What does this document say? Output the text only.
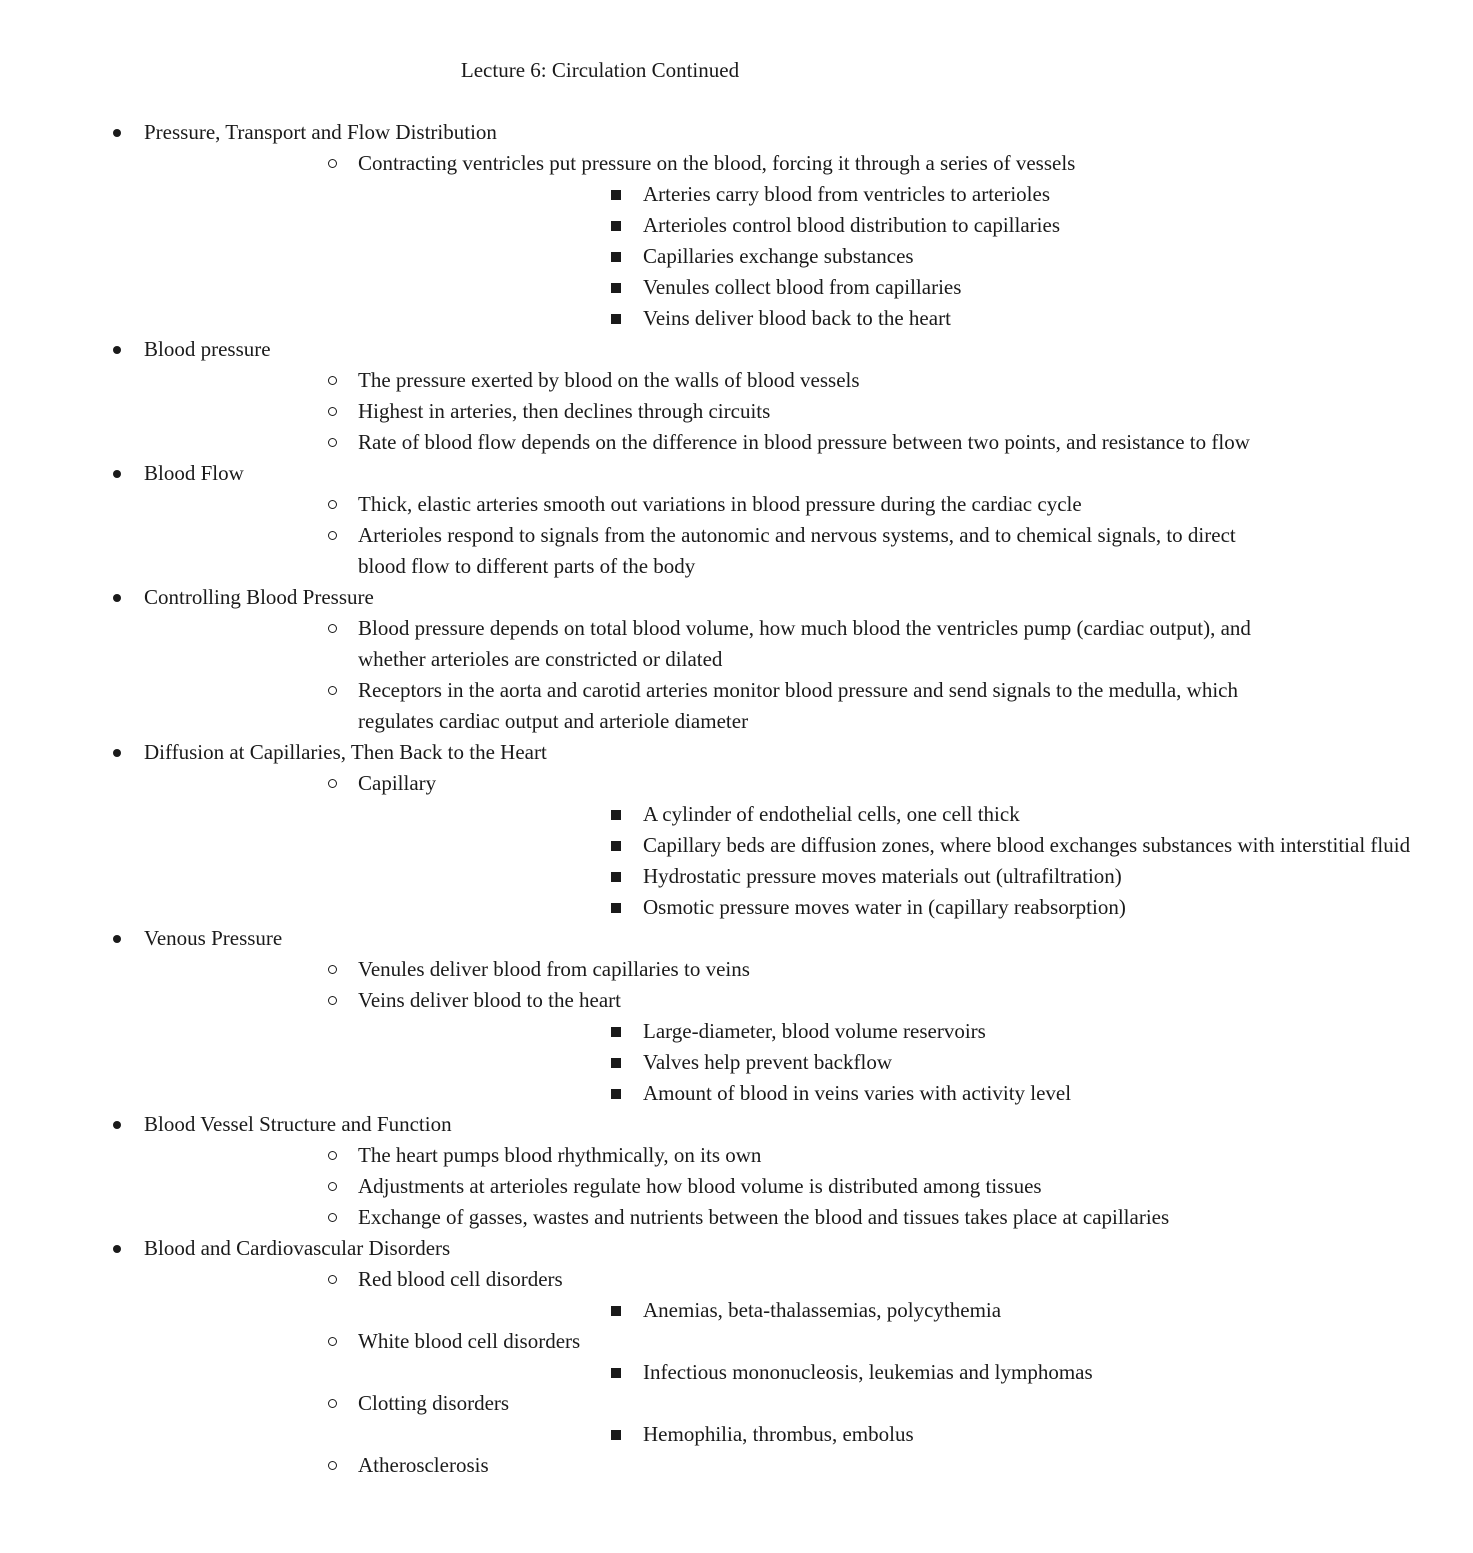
Lecture 6: Circulation Continued
Pressure, Transport and Flow Distribution
Contracting ventricles put pressure on the blood, forcing it through a series of vessels
Arteries carry blood from ventricles to arterioles
Arterioles control blood distribution to capillaries
Capillaries exchange substances
Venules collect blood from capillaries
Veins deliver blood back to the heart
Blood pressure
The pressure exerted by blood on the walls of blood vessels
Highest in arteries, then declines through circuits
Rate of blood flow depends on the difference in blood pressure between two points, and resistance to flow
Blood Flow
Thick, elastic arteries smooth out variations in blood pressure during the cardiac cycle
Arterioles respond to signals from the autonomic and nervous systems, and to chemical signals, to direct blood flow to different parts of the body
Controlling Blood Pressure
Blood pressure depends on total blood volume, how much blood the ventricles pump (cardiac output), and whether arterioles are constricted or dilated
Receptors in the aorta and carotid arteries monitor blood pressure and send signals to the medulla, which regulates cardiac output and arteriole diameter
Diffusion at Capillaries, Then Back to the Heart
Capillary
A cylinder of endothelial cells, one cell thick
Capillary beds are diffusion zones, where blood exchanges substances with interstitial fluid
Hydrostatic pressure moves materials out (ultrafiltration)
Osmotic pressure moves water in (capillary reabsorption)
Venous Pressure
Venules deliver blood from capillaries to veins
Veins deliver blood to the heart
Large-diameter, blood volume reservoirs
Valves help prevent backflow
Amount of blood in veins varies with activity level
Blood Vessel Structure and Function
The heart pumps blood rhythmically, on its own
Adjustments at arterioles regulate how blood volume is distributed among tissues
Exchange of gasses, wastes and nutrients between the blood and tissues takes place at capillaries
Blood and Cardiovascular Disorders
Red blood cell disorders
Anemias, beta-thalassemias, polycythemia
White blood cell disorders
Infectious mononucleosis, leukemias and lymphomas
Clotting disorders
Hemophilia, thrombus, embolus
Atherosclerosis
